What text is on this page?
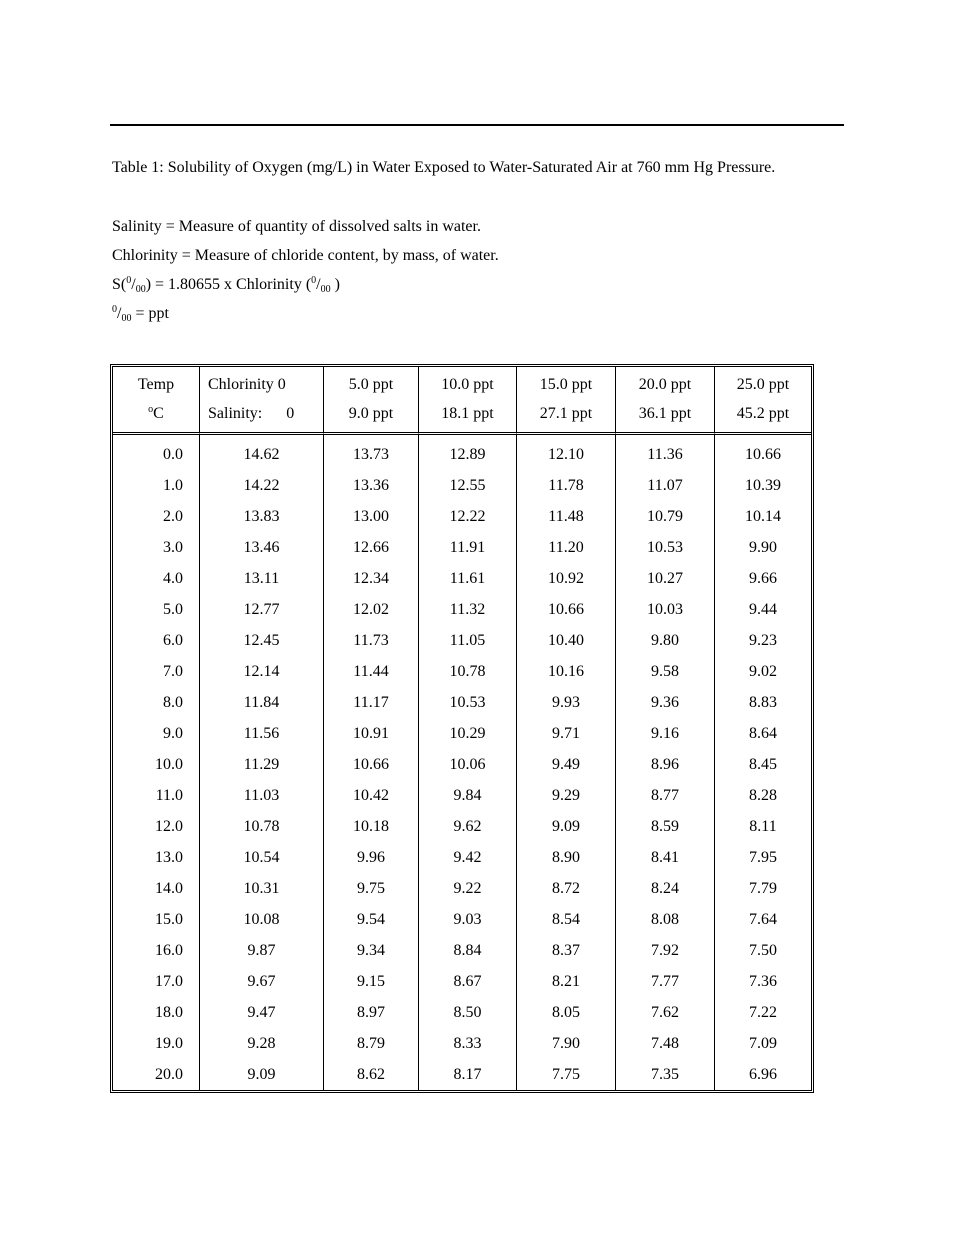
Table 1: Solubility of Oxygen (mg/L) in Water Exposed to Water-Saturated Air at 760 mm Hg Pressure.
Salinity = Measure of quantity of dissolved salts in water.
Chlorinity = Measure of chloride content, by mass, of water.
$S(^0/_{00}) = 1.80655$ x Chlorinity ($^0/_{00}$ )
$^0/_{00}$ = ppt
Temp	Chlorinity 0	5.0 ppt	10.0 ppt	15.0 ppt	20.0 ppt	25.0 ppt
$^o$C	Salinity: 0	9.0 ppt	18.1 ppt	27.1 ppt	36.1 ppt	45.2 ppt
0.0	14.62	13.73	12.89	12.10	11.36	10.66
1.0	14.22	13.36	12.55	11.78	11.07	10.39
2.0	13.83	13.00	12.22	11.48	10.79	10.14
3.0	13.46	12.66	11.91	11.20	10.53	9.90
4.0	13.11	12.34	11.61	10.92	10.27	9.66
5.0	12.77	12.02	11.32	10.66	10.03	9.44
6.0	12.45	11.73	11.05	10.40	9.80	9.23
7.0	12.14	11.44	10.78	10.16	9.58	9.02
8.0	11.84	11.17	10.53	9.93	9.36	8.83
9.0	11.56	10.91	10.29	9.71	9.16	8.64
10.0	11.29	10.66	10.06	9.49	8.96	8.45
11.0	11.03	10.42	9.84	9.29	8.77	8.28
12.0	10.78	10.18	9.62	9.09	8.59	8.11
13.0	10.54	9.96	9.42	8.90	8.41	7.95
14.0	10.31	9.75	9.22	8.72	8.24	7.79
15.0	10.08	9.54	9.03	8.54	8.08	7.64
16.0	9.87	9.34	8.84	8.37	7.92	7.50
17.0	9.67	9.15	8.67	8.21	7.77	7.36
18.0	9.47	8.97	8.50	8.05	7.62	7.22
19.0	9.28	8.79	8.33	7.90	7.48	7.09
20.0	9.09	8.62	8.17	7.75	7.35	6.96
